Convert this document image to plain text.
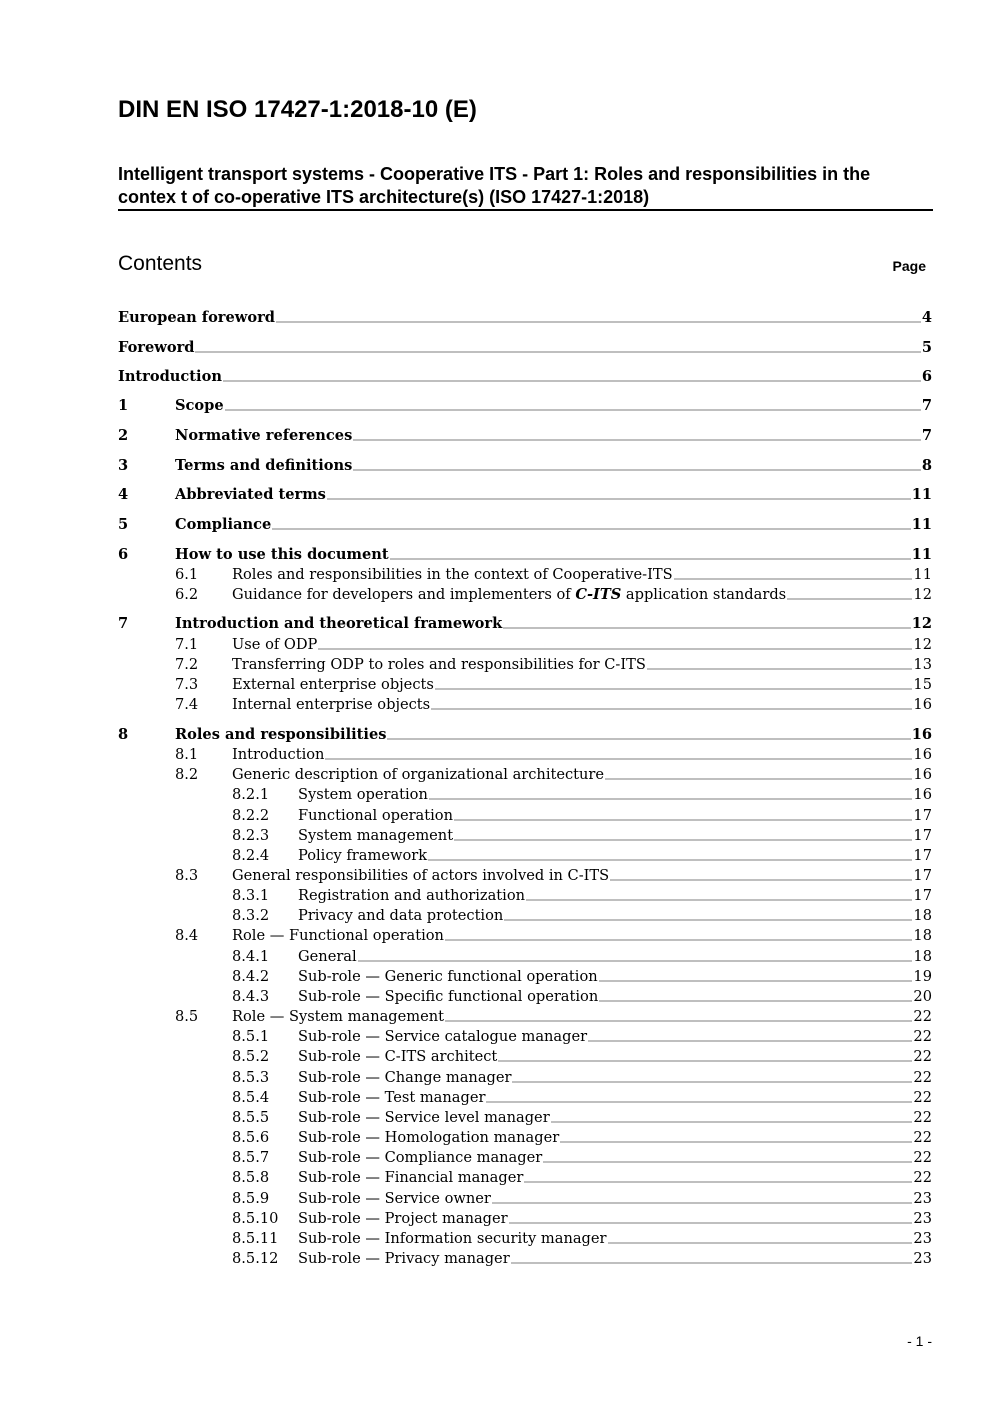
DIN EN ISO 17427-1:2018-10 (E)
Intelligent transport systems - Cooperative ITS - Part 1: Roles and responsibilities in the contex t of co-operative ITS architecture(s) (ISO 17427-1:2018)
Contents	Page
European foreword	4
Foreword	5
Introduction	6
1	Scope	7
2	Normative references	7
3	Terms and definitions	8
4	Abbreviated terms	11
5	Compliance	11
6	How to use this document	11
6.1	Roles and responsibilities in the context of Cooperative-ITS	11
6.2	Guidance for developers and implementers of C-ITS application standards	12
7	Introduction and theoretical framework	12
7.1	Use of ODP	12
7.2	Transferring ODP to roles and responsibilities for C-ITS	13
7.3	External enterprise objects	15
7.4	Internal enterprise objects	16
8	Roles and responsibilities	16
8.1	Introduction	16
8.2	Generic description of organizational architecture	16
8.2.1	System operation	16
8.2.2	Functional operation	17
8.2.3	System management	17
8.2.4	Policy framework	17
8.3	General responsibilities of actors involved in C-ITS	17
8.3.1	Registration and authorization	17
8.3.2	Privacy and data protection	18
8.4	Role — Functional operation	18
8.4.1	General	18
8.4.2	Sub-role — Generic functional operation	19
8.4.3	Sub-role — Specific functional operation	20
8.5	Role — System management	22
8.5.1	Sub-role — Service catalogue manager	22
8.5.2	Sub-role — C-ITS architect	22
8.5.3	Sub-role — Change manager	22
8.5.4	Sub-role — Test manager	22
8.5.5	Sub-role — Service level manager	22
8.5.6	Sub-role — Homologation manager	22
8.5.7	Sub-role — Compliance manager	22
8.5.8	Sub-role — Financial manager	22
8.5.9	Sub-role — Service owner	23
8.5.10	Sub-role — Project manager	23
8.5.11	Sub-role — Information security manager	23
8.5.12	Sub-role — Privacy manager	23
- 1 -
